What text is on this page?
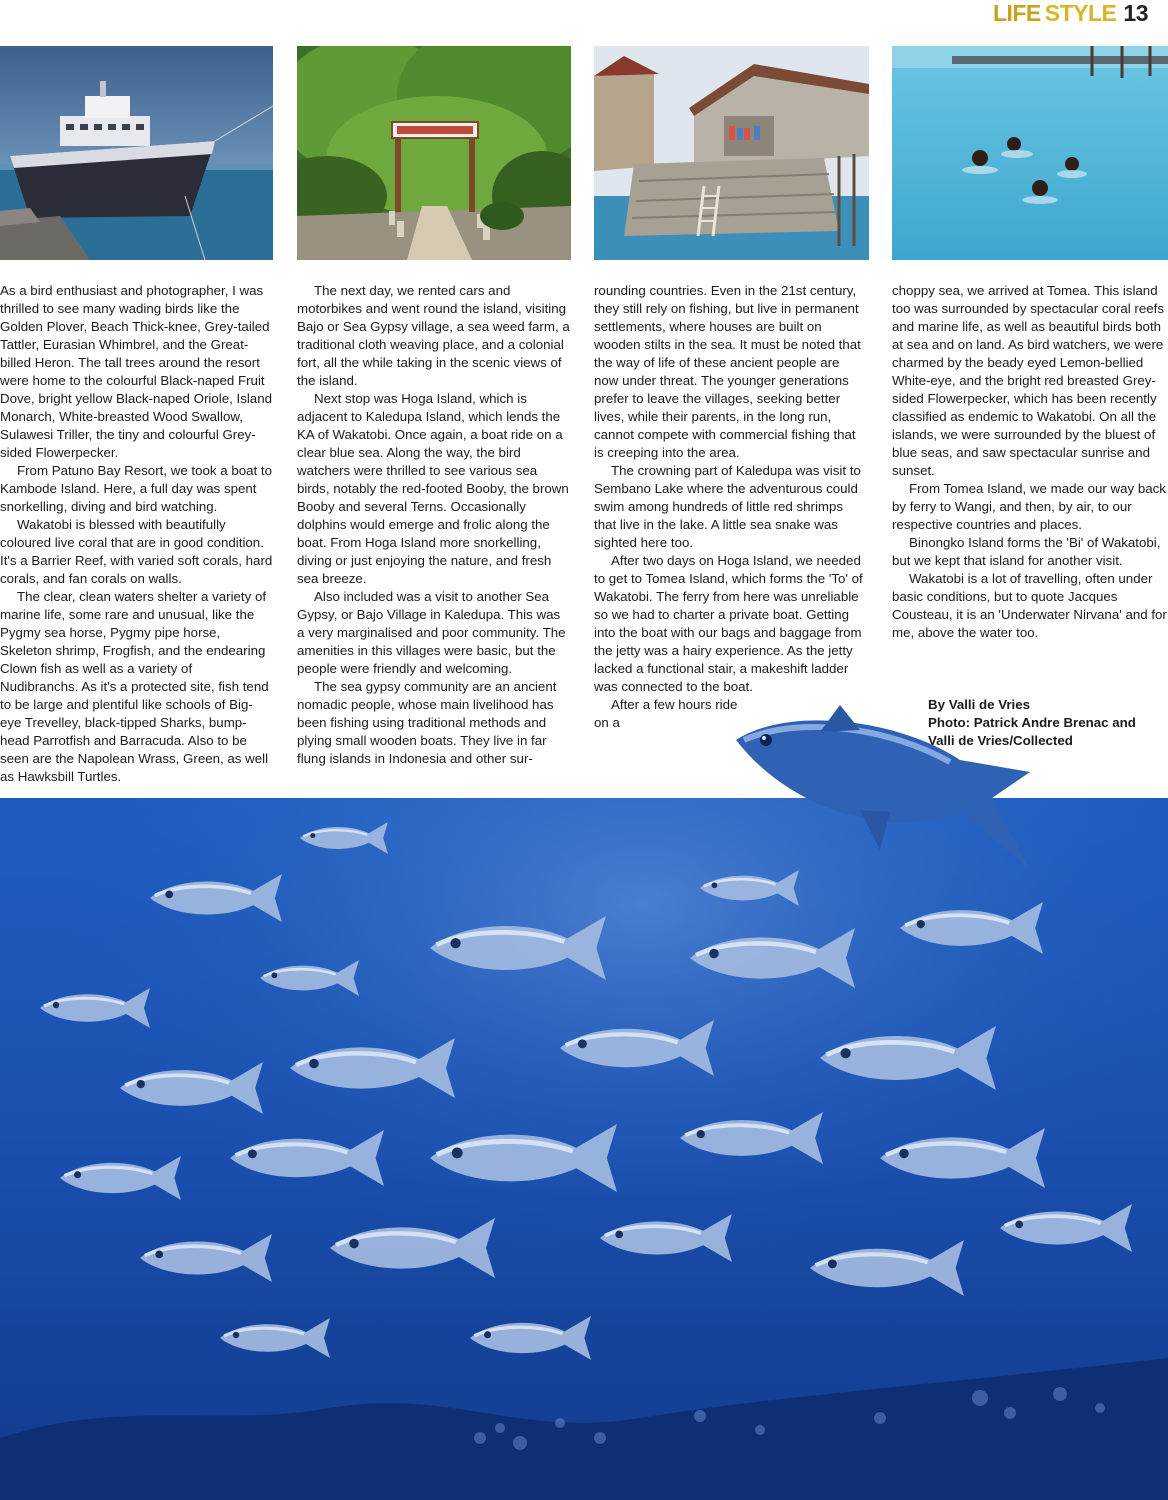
LIFE STYLE 13

As a bird enthusiast and photographer, I was thrilled to see many wading birds like the Golden Plover, Beach Thick-knee, Grey-tailed Tattler, Eurasian Whimbrel, and the Great-billed Heron. The tall trees around the resort were home to the colourful Black-naped Fruit Dove, bright yellow Black-naped Oriole, Island Monarch, White-breasted Wood Swallow, Sulawesi Triller, the tiny and colourful Grey-sided Flowerpecker.

From Patuno Bay Resort, we took a boat to Kambode Island. Here, a full day was spent snorkelling, diving and bird watching.

Wakatobi is blessed with beautifully coloured live coral that are in good condition. It's a Barrier Reef, with varied soft corals, hard corals, and fan corals on walls.

The clear, clean waters shelter a variety of marine life, some rare and unusual, like the Pygmy sea horse, Pygmy pipe horse, Skeleton shrimp, Frogfish, and the endearing Clown fish as well as a variety of Nudibranchs. As it's a protected site, fish tend to be large and plentiful like schools of Big-eye Trevelley, black-tipped Sharks, bump-head Parrotfish and Barracuda. Also to be seen are the Napolean Wrass, Green, as well as Hawksbill Turtles.

The next day, we rented cars and motorbikes and went round the island, visiting Bajo or Sea Gypsy village, a sea weed farm, a traditional cloth weaving place, and a colonial fort, all the while taking in the scenic views of the island.

Next stop was Hoga Island, which is adjacent to Kaledupa Island, which lends the KA of Wakatobi. Once again, a boat ride on a clear blue sea. Along the way, the bird watchers were thrilled to see various sea birds, notably the red-footed Booby, the brown Booby and several Terns. Occasionally dolphins would emerge and frolic along the boat. From Hoga Island more snorkelling, diving or just enjoying the nature, and fresh sea breeze.

Also included was a visit to another Sea Gypsy, or Bajo Village in Kaledupa. This was a very marginalised and poor community. The amenities in this villages were basic, but the people were friendly and welcoming.

The sea gypsy community are an ancient nomadic people, whose main livelihood has been fishing using traditional methods and plying small wooden boats. They live in far flung islands in Indonesia and other sur-

rounding countries. Even in the 21st century, they still rely on fishing, but live in permanent settlements, where houses are built on wooden stilts in the sea. It must be noted that the way of life of these ancient people are now under threat. The younger generations prefer to leave the villages, seeking better lives, while their parents, in the long run, cannot compete with commercial fishing that is creeping into the area.

The crowning part of Kaledupa was visit to Sembano Lake where the adventurous could swim among hundreds of little red shrimps that live in the lake. A little sea snake was sighted here too.

After two days on Hoga Island, we needed to get to Tomea Island, which forms the 'To' of Wakatobi. The ferry from here was unreliable so we had to charter a private boat. Getting into the boat with our bags and baggage from the jetty was a hairy experience. As the jetty lacked a functional stair, a makeshift ladder was connected to the boat.

After a few hours ride on a

choppy sea, we arrived at Tomea. This island too was surrounded by spectacular coral reefs and marine life, as well as beautiful birds both at sea and on land. As bird watchers, we were charmed by the beady eyed Lemon-bellied White-eye, and the bright red breasted Grey-sided Flowerpecker, which has been recently classified as endemic to Wakatobi. On all the islands, we were surrounded by the bluest of blue seas, and saw spectacular sunrise and sunset.

From Tomea Island, we made our way back by ferry to Wangi, and then, by air, to our respective countries and places.

Binongko Island forms the 'Bi' of Wakatobi, but we kept that island for another visit.

Wakatobi is a lot of travelling, often under basic conditions, but to quote Jacques Cousteau, it is an 'Underwater Nirvana' and for me, above the water too.

By Valli de Vries
Photo: Patrick Andre Brenac and
Valli de Vries/Collected
